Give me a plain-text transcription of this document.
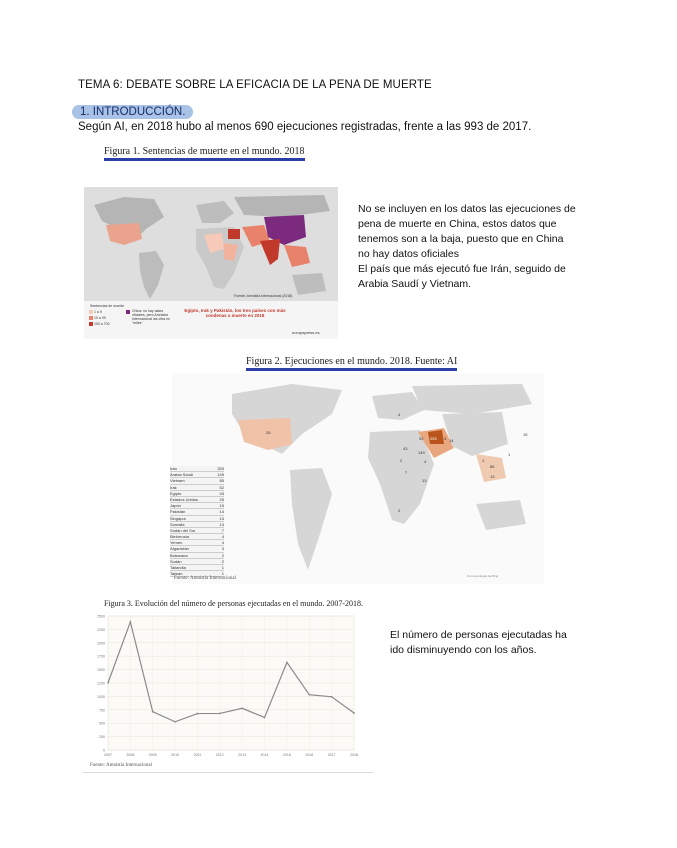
TEMA 6: DEBATE SOBRE LA EFICACIA DE LA PENA DE MUERTE
1. INTRODUCCIÓN.
Según AI, en 2018 hubo al menos 690 ejecuciones registradas, frente a las 993 de 2017.
Figura 1. Sentencias de muerte en el mundo. 2018
Sentencias de muerte
1 a 9
10 a 99
100 a 700
China: no hay datos oficiales, pero Amnistía Internacional las cifra en "miles"
Fuente: Amnistía Internacional (2018)
Egipto, Irak y Pakistán, los tres países con más condenas a muerte en 2018
europapress.es
No se incluyen en los datos las ejecuciones de
pena de muerte en China, estos datos que
tenemos son a la baja, puesto que en China
no hay datos oficiales
El país que más ejecutó fue Irán, seguido de
Arabia Saudí y Vietnam.
Figura 2. Ejecuciones en el mundo. 2018. Fuente: AI
25
4
253
52
43
149
4
2
3
13
7
2
14
85
13
15
1
1
Con tecnología de Bing
Irán	253
Arabia Saudí	149
Vietnam	85
Irak	52
Egipto	43
Estados Unidos	25
Japón	15
Pakistán	14
Singapur	13
Somalia	13
Sudán del Sur	7
Bielorrusia	4
Yemen	4
Afganistán	3
Botswana	2
Sudán	2
Tailandia	1
Taiwán	1
Fuente: Amnistía Internacional
Figura 3. Evolución del número de personas ejecutadas en el mundo. 2007-2018.
0
250
500
750
1000
1250
1500
1750
2000
2250
2500
2007	2008	2009	2010	2011	2012	2013	2014	2015	2016	2017	2018
Fuente: Amnistía Internacional
El número de personas ejecutadas ha
ido disminuyendo con los años.
